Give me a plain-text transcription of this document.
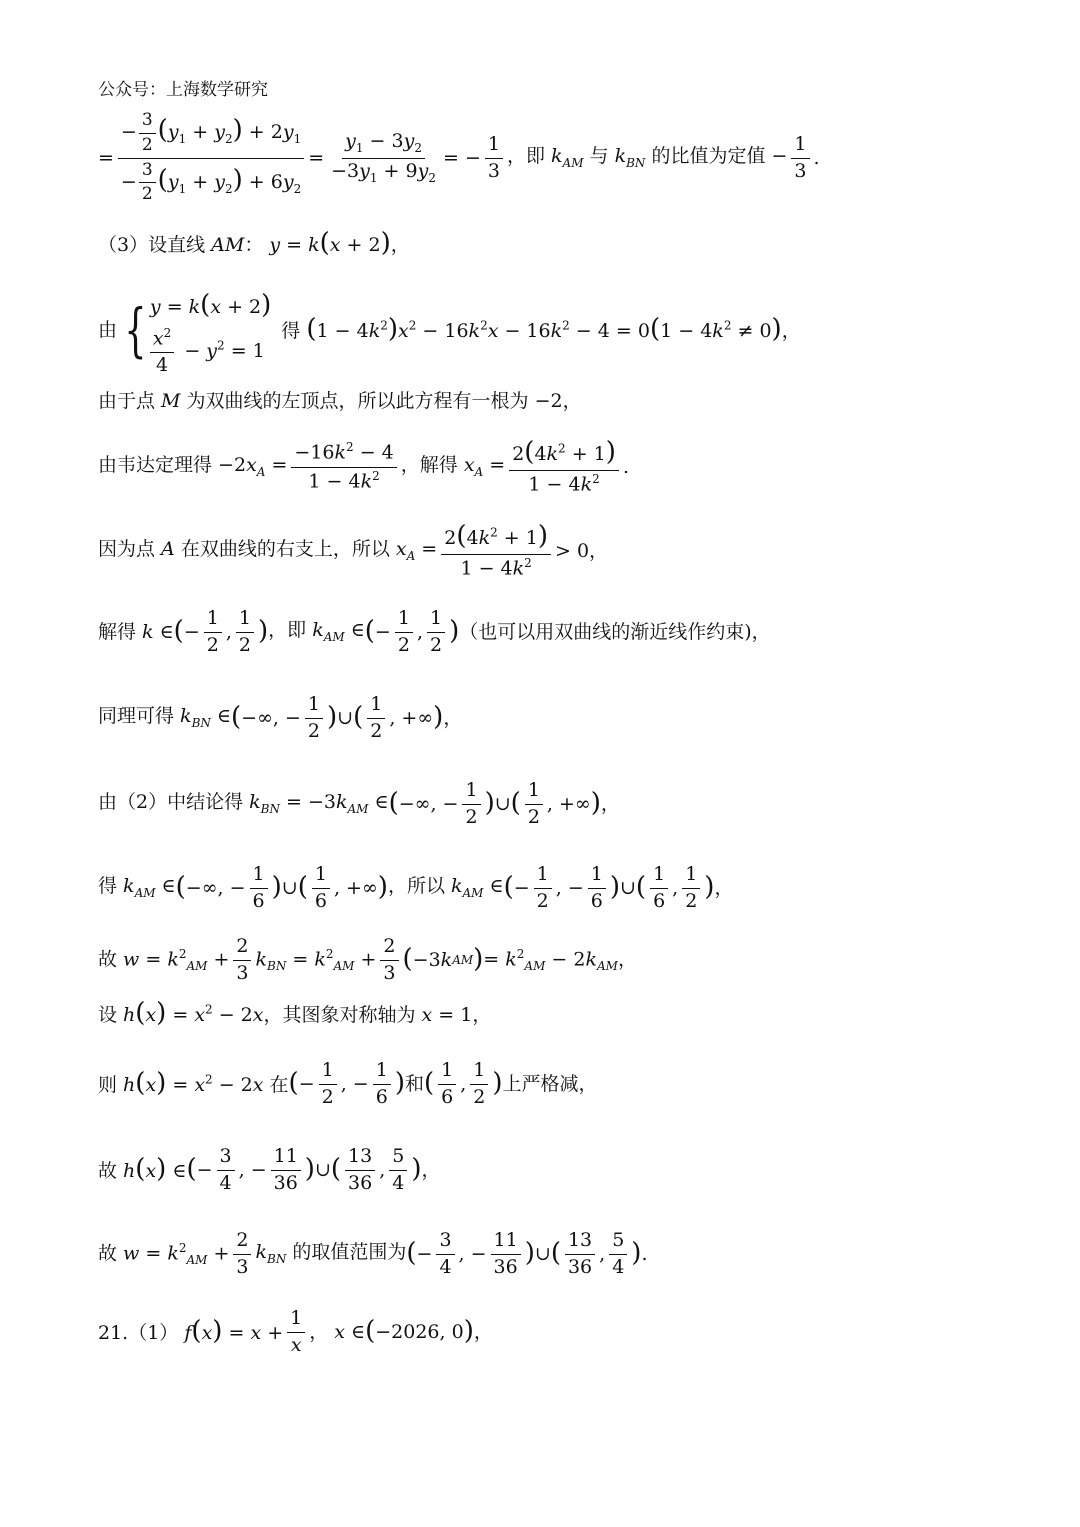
公众号：上海数学研究
= $\frac{- \frac{3}{2} (y_1 + y_2) + 2y_1}{- \frac{3}{2} (y_1 + y_2) + 6y_2} = \frac{y_1 - 3y_2}{-3y_1 + 9y_2}$ = − $\frac{1}{3}$ ，即 $k_{AM}$ 与 $k_{BN}$ 的比值为定值 − $\frac{1}{3}$ .
（3）设直线 AM： y = k(x + 2)，
由 { y = k(x + 2)
$\frac{x^2}{4} - y^2 = 1$
得 $(1 - 4k^2)x^2 - 16k^2x - 16k^2 - 4 = 0(1 - 4k^2 \ne 0)$，
由于点 M 为双曲线的左顶点，所以此方程有一根为 −2，
由韦达定理得 $-2x_A = \frac{-16k^2 - 4}{1 - 4k^2}$ ，解得 $x_A = \frac{2(4k^2 + 1)}{1 - 4k^2}$ .
因为点 A 在双曲线的右支上，所以 $x_A = \frac{2(4k^2 + 1)}{1 - 4k^2} > 0$，
解得 k ∈ ( − $\frac{1}{2}$ , $\frac{1}{2}$ ) ，即 $k_{AM}$ ∈ ( − $\frac{1}{2}$ , $\frac{1}{2}$ ) （也可以用双曲线的渐近线作约束)，
同理可得 $k_{BN}$ ∈ ( −∞, − $\frac{1}{2}$ ) ∪ ( $\frac{1}{2}$ , +∞ ) ，
由（2）中结论得 $k_{BN} = -3k_{AM}$ ∈ ( −∞, − $\frac{1}{2}$ ) ∪ ( $\frac{1}{2}$ , +∞ ) ，
得 $k_{AM}$ ∈ ( −∞, − $\frac{1}{6}$ ) ∪ ( $\frac{1}{6}$ , +∞ ) ，所以 $k_{AM}$ ∈ ( − $\frac{1}{2}$ , − $\frac{1}{6}$ ) ∪ ( $\frac{1}{6}$ , $\frac{1}{2}$ ) ，
故 $w = k^2_{AM} + \frac{2}{3} k_{BN} = k^2_{AM} + \frac{2}{3}$ ( −3 k AM ) = $k^2_{AM} - 2k_{AM}$，
设 $h(x) = x^2 - 2x$，其图象对称轴为 x = 1，
则 $h(x) = x^2 - 2x$ 在 ( − $\frac{1}{2}$ , − $\frac{1}{6}$ ) 和 ( $\frac{1}{6}$ , $\frac{1}{2}$ ) 上严格减，
故 h(x) ∈ ( − $\frac{3}{4}$ , − $\frac{11}{36}$ ) ∪ ( $\frac{13}{36}$ , $\frac{5}{4}$ ) ，
故 $w = k^2_{AM} + \frac{2}{3} k_{BN}$ 的取值范围为 ( − $\frac{3}{4}$ , − $\frac{11}{36}$ ) ∪ ( $\frac{13}{36}$ , $\frac{5}{4}$ ) .
21.（1） $f(x) = x + \frac{1}{x}$ ， x ∈ ( −2026, 0 ) ，
